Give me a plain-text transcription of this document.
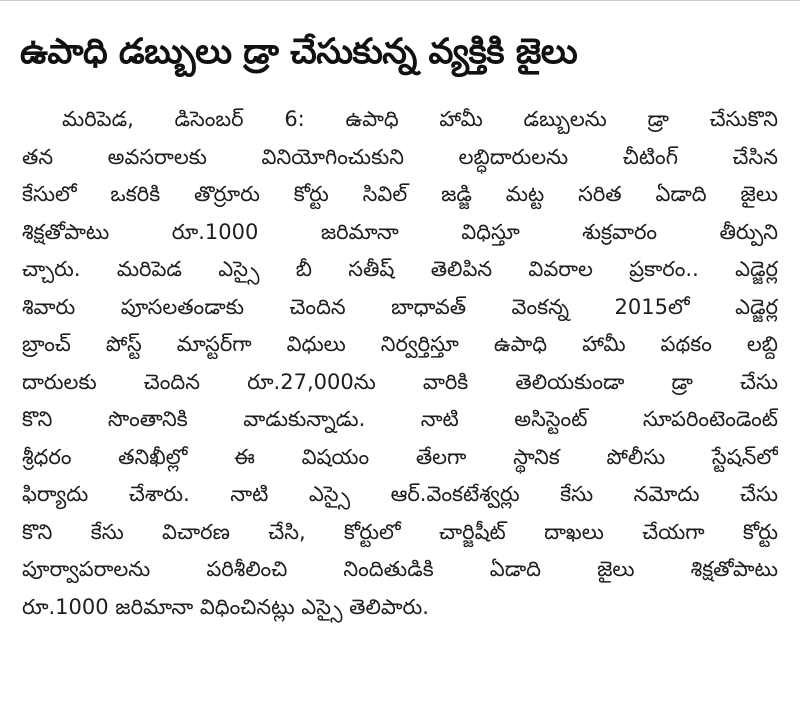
ఉపాధి డబ్బులు డ్రా చేసుకున్న వ్యక్తికి జైలు
మరిపెడ, డిసెంబర్ 6: ఉపాధి హామీ డబ్బులను డ్రా చేసుకొని
తన అవసరాలకు వినియోగించుకుని లబ్ధిదారులను చీటింగ్ చేసిన
కేసులో ఒకరికి తొర్రూరు కోర్టు సివిల్ జడ్జి మట్ట సరిత ఏడాది జైలు
శిక్షతోపాటు రూ.1000 జరిమానా విధిస్తూ శుక్రవారం తీర్పుని
చ్చారు. మరిపెడ ఎస్సై బీ సతీష్ తెలిపిన వివరాల ప్రకారం.. ఎడ్జెర్ల
శివారు పూసలతండాకు చెందిన బాధావత్ వెంకన్న 2015లో ఎడ్జెర్ల
బ్రాంచ్ పోస్ట్ మాస్టర్‌గా విధులు నిర్వర్తిస్తూ ఉపాధి హామీ పథకం లబ్ది
దారులకు చెందిన రూ.27,000ను వారికి తెలియకుండా డ్రా చేసు
కొని సొంతానికి వాడుకున్నాడు. నాటి అసిస్టెంట్ సూపరింటెండెంట్
శ్రీధరం తనిఖీల్లో ఈ విషయం తేలగా స్థానిక పోలీసు స్టేషన్‌లో
ఫిర్యాదు చేశారు. నాటి ఎస్సై ఆర్.వెంకటేశ్వర్లు కేసు నమోదు చేసు
కొని కేసు విచారణ చేసి, కోర్టులో చార్జిషీట్ దాఖలు చేయగా కోర్టు
పూర్వాపరాలను పరిశీలించి నిందితుడికి ఏడాది జైలు శిక్షతోపాటు
రూ.1000 జరిమానా విధించినట్లు ఎస్సై తెలిపారు.
